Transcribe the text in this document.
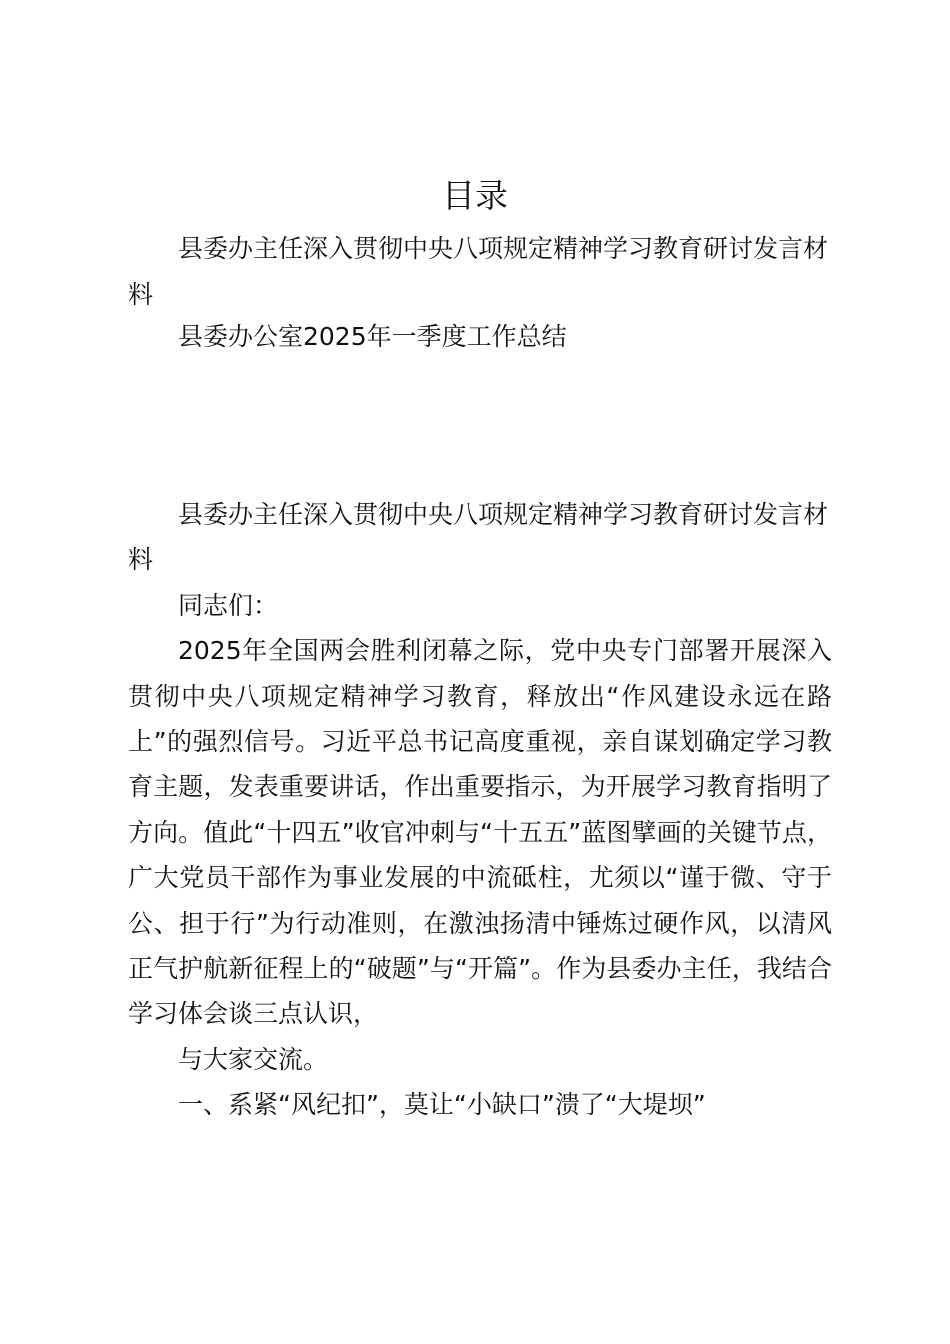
目录

县委办主任深入贯彻中央八项规定精神学习教育研讨发言材料

县委办公室2025年一季度工作总结

县委办主任深入贯彻中央八项规定精神学习教育研讨发言材料

同志们：

2025年全国两会胜利闭幕之际，党中央专门部署开展深入贯彻中央八项规定精神学习教育，释放出“作风建设永远在路上”的强烈信号。习近平总书记高度重视，亲自谋划确定学习教育主题，发表重要讲话，作出重要指示，为开展学习教育指明了方向。值此“十四五”收官冲刺与“十五五”蓝图擘画的关键节点，广大党员干部作为事业发展的中流砥柱，尤须以“谨于微、守于公、担于行”为行动准则，在激浊扬清中锤炼过硬作风，以清风正气护航新征程上的“破题”与“开篇”。作为县委办主任，我结合学习体会谈三点认识，

与大家交流。

一、系紧“风纪扣”，莫让“小缺口”溃了“大堤坝”
